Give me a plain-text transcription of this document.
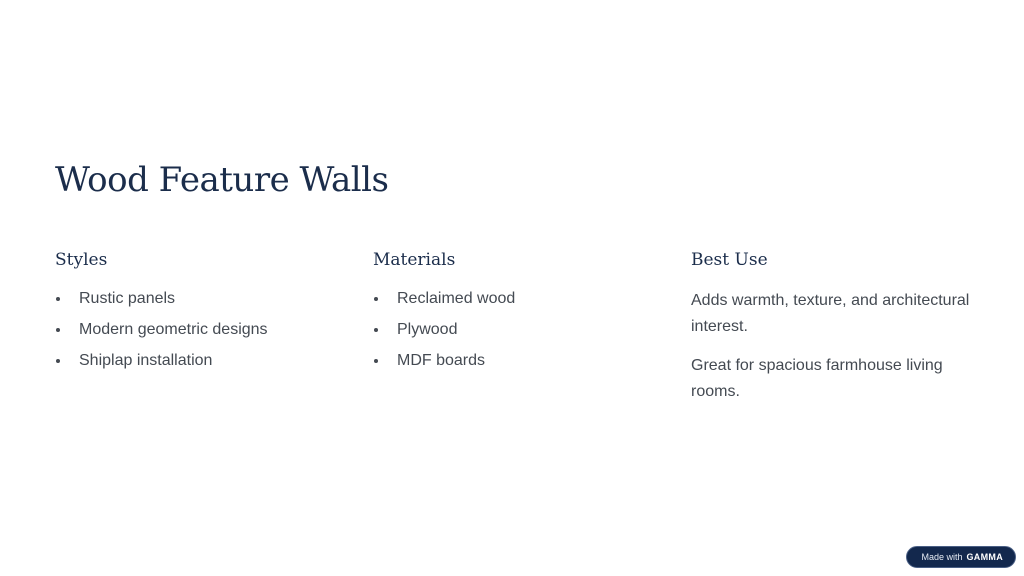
Wood Feature Walls
Styles
Rustic panels
Modern geometric designs
Shiplap installation
Materials
Reclaimed wood
Plywood
MDF boards
Best Use

Adds warmth, texture, and architectural interest.

Great for spacious farmhouse living rooms.

Made with GAMMA
